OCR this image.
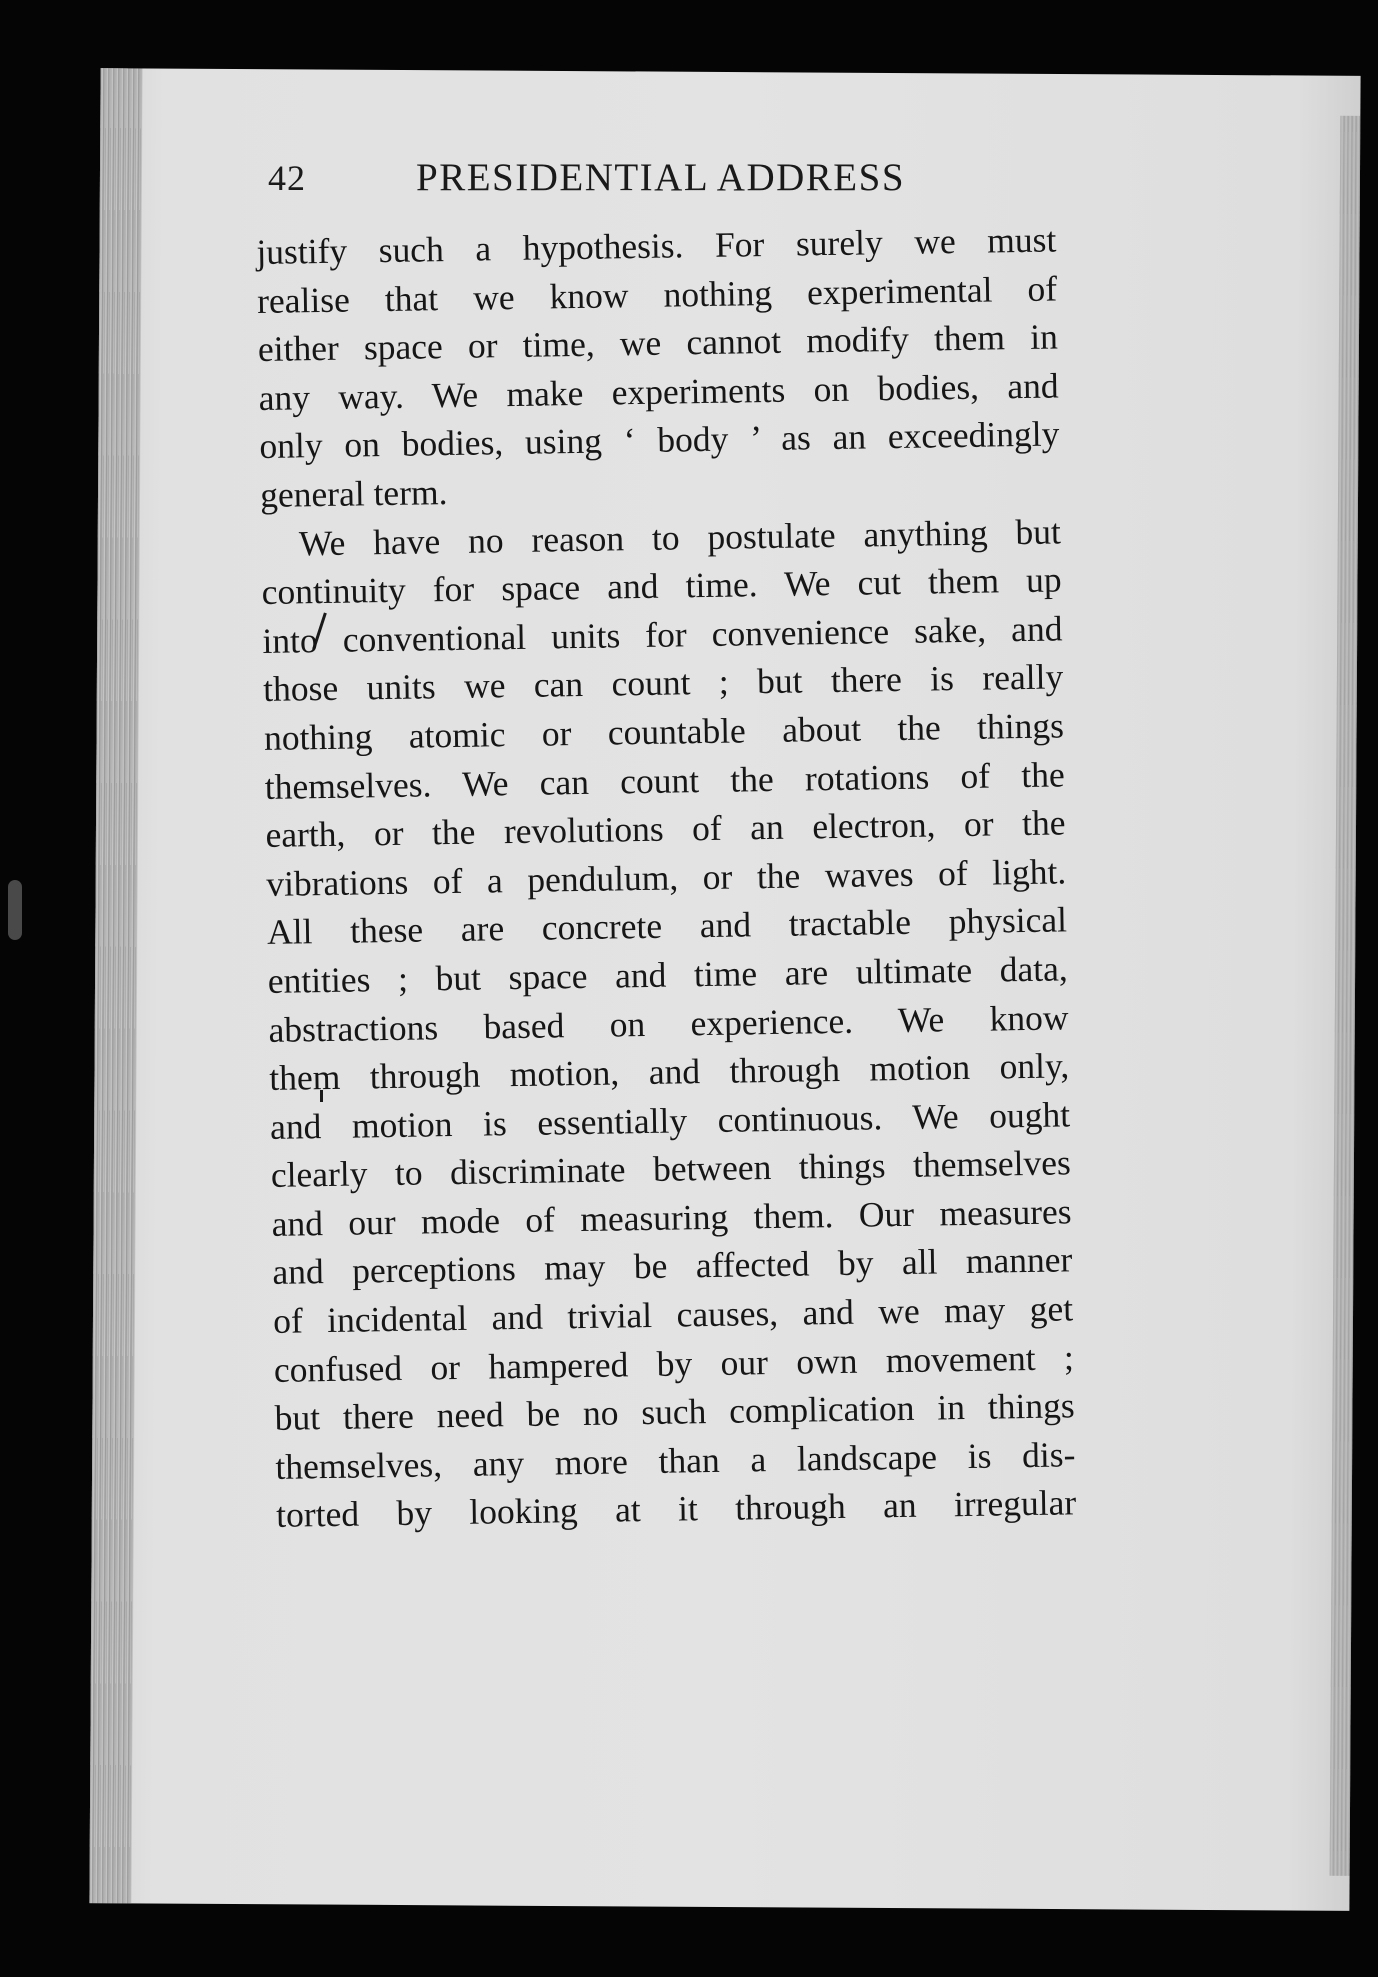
42	PRESIDENTIAL ADDRESS
justify such a hypothesis. For surely we must
realise that we know nothing experimental of
either space or time, we cannot modify them in
any way. We make experiments on bodies, and
only on bodies, using ‘ body ’ as an exceedingly
general term.
We have no reason to postulate anything but
continuity for space and time. We cut them up
into conventional units for convenience sake, and
those units we can count ; but there is really
nothing atomic or countable about the things
themselves. We can count the rotations of the
earth, or the revolutions of an electron, or the
vibrations of a pendulum, or the waves of light.
All these are concrete and tractable physical
entities ; but space and time are ultimate data,
abstractions based on experience. We know
them through motion, and through motion only,
and motion is essentially continuous. We ought
clearly to discriminate between things themselves
and our mode of measuring them. Our measures
and perceptions may be affected by all manner
of incidental and trivial causes, and we may get
confused or hampered by our own movement ;
but there need be no such complication in things
themselves, any more than a landscape is dis-
torted by looking at it through an irregular
